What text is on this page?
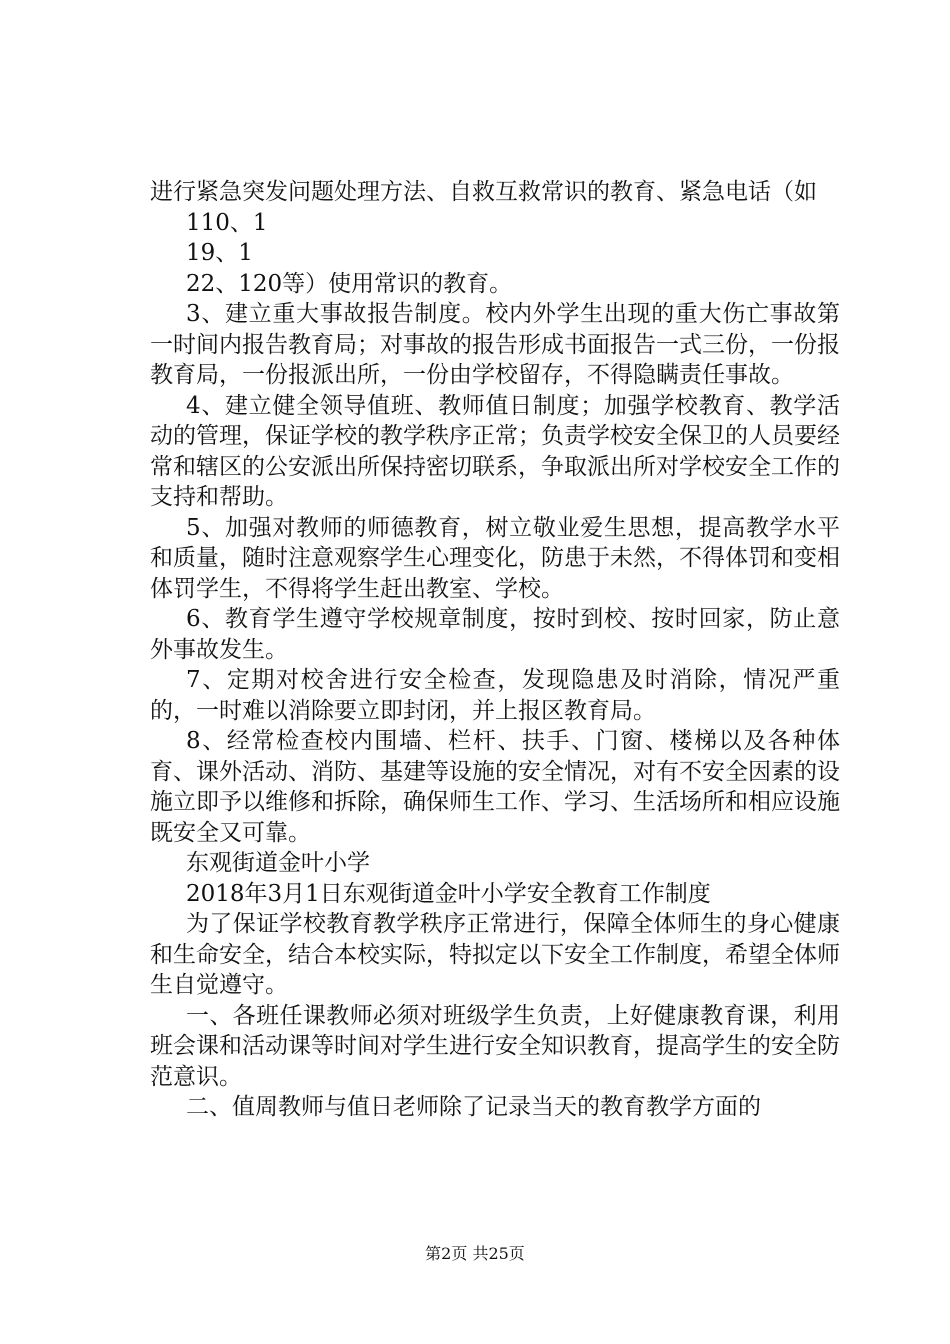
进行紧急突发问题处理方法、自救互救常识的教育、紧急电话（如

110、1

19、1

22、120等）使用常识的教育。

3、建立重大事故报告制度。校内外学生出现的重大伤亡事故第一时间内报告教育局；对事故的报告形成书面报告一式三份，一份报教育局，一份报派出所，一份由学校留存，不得隐瞒责任事故。

4、建立健全领导值班、教师值日制度；加强学校教育、教学活动的管理，保证学校的教学秩序正常；负责学校安全保卫的人员要经常和辖区的公安派出所保持密切联系，争取派出所对学校安全工作的支持和帮助。

5、加强对教师的师德教育，树立敬业爱生思想，提高教学水平和质量，随时注意观察学生心理变化，防患于未然，不得体罚和变相体罚学生，不得将学生赶出教室、学校。

6、教育学生遵守学校规章制度，按时到校、按时回家，防止意外事故发生。

7、定期对校舍进行安全检查，发现隐患及时消除，情况严重的，一时难以消除要立即封闭，并上报区教育局。

8、经常检查校内围墙、栏杆、扶手、门窗、楼梯以及各种体育、课外活动、消防、基建等设施的安全情况，对有不安全因素的设施立即予以维修和拆除，确保师生工作、学习、生活场所和相应设施既安全又可靠。

东观街道金叶小学

2018年3月1日东观街道金叶小学安全教育工作制度

为了保证学校教育教学秩序正常进行，保障全体师生的身心健康和生命安全，结合本校实际，特拟定以下安全工作制度，希望全体师生自觉遵守。

一、各班任课教师必须对班级学生负责，上好健康教育课，利用班会课和活动课等时间对学生进行安全知识教育，提高学生的安全防范意识。

二、值周教师与值日老师除了记录当天的教育教学方面的

第2页 共25页
